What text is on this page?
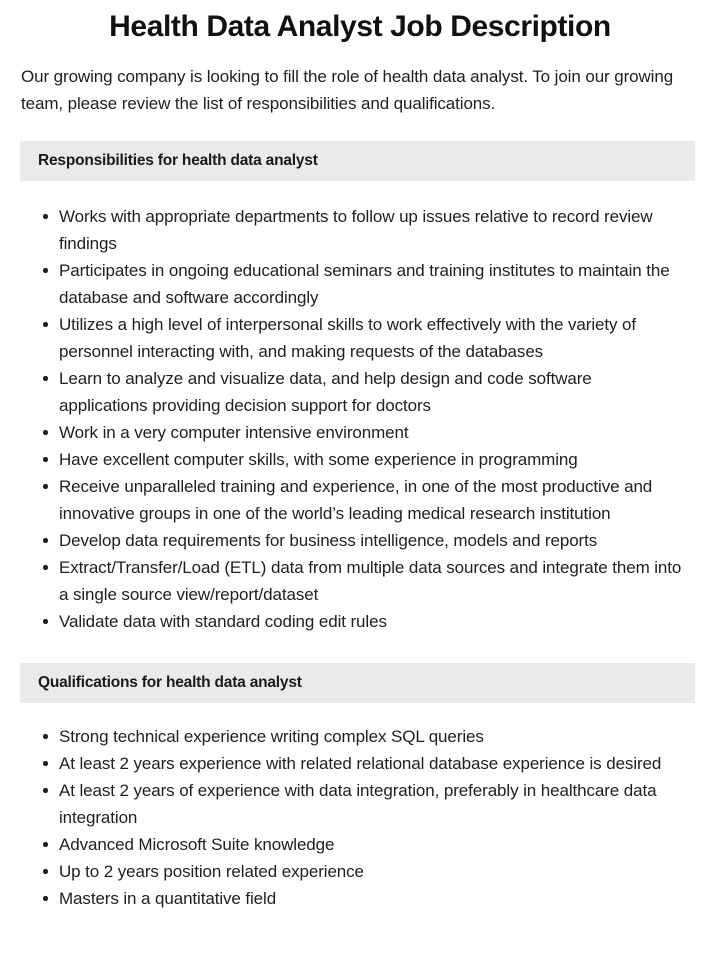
Health Data Analyst Job Description

Our growing company is looking to fill the role of health data analyst. To join our growing team, please review the list of responsibilities and qualifications.

Responsibilities for health data analyst
Works with appropriate departments to follow up issues relative to record review findings
Participates in ongoing educational seminars and training institutes to maintain the database and software accordingly
Utilizes a high level of interpersonal skills to work effectively with the variety of personnel interacting with, and making requests of the databases
Learn to analyze and visualize data, and help design and code software applications providing decision support for doctors
Work in a very computer intensive environment
Have excellent computer skills, with some experience in programming
Receive unparalleled training and experience, in one of the most productive and innovative groups in one of the world’s leading medical research institution
Develop data requirements for business intelligence, models and reports
Extract/Transfer/Load (ETL) data from multiple data sources and integrate them into a single source view/report/dataset
Validate data with standard coding edit rules
Qualifications for health data analyst
Strong technical experience writing complex SQL queries
At least 2 years experience with related relational database experience is desired
At least 2 years of experience with data integration, preferably in healthcare data integration
Advanced Microsoft Suite knowledge
Up to 2 years position related experience
Masters in a quantitative field
